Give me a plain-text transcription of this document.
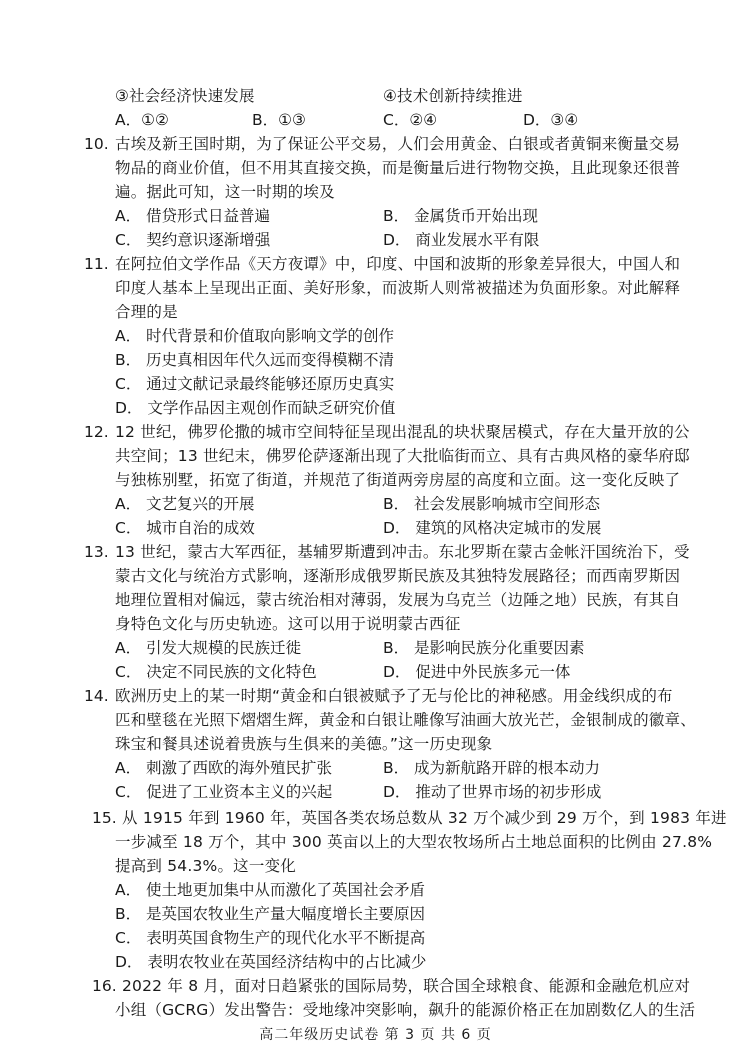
③社会经济快速发展	④技术创新持续推进
A．①②	B．①③	C．②④	D．③④
10. 古埃及新王国时期，为了保证公平交易，人们会用黄金、白银或者黄铜来衡量交易
物品的商业价值，但不用其直接交换，而是衡量后进行物物交换，且此现象还很普
遍。据此可知，这一时期的埃及
A． 借贷形式日益普遍	B． 金属货币开始出现
C． 契约意识逐渐增强	D． 商业发展水平有限
11. 在阿拉伯文学作品《天方夜谭》中，印度、中国和波斯的形象差异很大，中国人和
印度人基本上呈现出正面、美好形象，而波斯人则常被描述为负面形象。对此解释
合理的是
A． 时代背景和价值取向影响文学的创作
B． 历史真相因年代久远而变得模糊不清
C． 通过文献记录最终能够还原历史真实
D． 文学作品因主观创作而缺乏研究价值
12. 12 世纪，佛罗伦撒的城市空间特征呈现出混乱的块状聚居模式，存在大量开放的公
共空间；13 世纪末，佛罗伦萨逐渐出现了大批临街而立、具有古典风格的豪华府邸
与独栋别墅，拓宽了街道，并规范了街道两旁房屋的高度和立面。这一变化反映了
A． 文艺复兴的开展	B． 社会发展影响城市空间形态
C． 城市自治的成效	D． 建筑的风格决定城市的发展
13. 13 世纪，蒙古大军西征，基辅罗斯遭到冲击。东北罗斯在蒙古金帐汗国统治下，受
蒙古文化与统治方式影响，逐渐形成俄罗斯民族及其独特发展路径；而西南罗斯因
地理位置相对偏远，蒙古统治相对薄弱，发展为乌克兰（边陲之地）民族，有其自
身特色文化与历史轨迹。这可以用于说明蒙古西征
A． 引发大规模的民族迁徙	B． 是影响民族分化重要因素
C． 决定不同民族的文化特色	D． 促进中外民族多元一体
14. 欧洲历史上的某一时期“黄金和白银被赋予了无与伦比的神秘感。用金线织成的布
匹和壁毯在光照下熠熠生辉，黄金和白银让雕像写油画大放光芒，金银制成的徽章、
珠宝和餐具述说着贵族与生俱来的美德。”这一历史现象
A． 刺激了西欧的海外殖民扩张	B． 成为新航路开辟的根本动力
C． 促进了工业资本主义的兴起	D． 推动了世界市场的初步形成
15. 从 1915 年到 1960 年，英国各类农场总数从 32 万个减少到 29 万个，到 1983 年进
一步减至 18 万个，其中 300 英亩以上的大型农牧场所占土地总面积的比例由 27.8%
提高到 54.3%。这一变化
A． 使土地更加集中从而激化了英国社会矛盾
B． 是英国农牧业生产量大幅度增长主要原因
C． 表明英国食物生产的现代化水平不断提高
D． 表明农牧业在英国经济结构中的占比减少
16. 2022 年 8 月，面对日趋紧张的国际局势，联合国全球粮食、能源和金融危机应对
小组（GCRG）发出警告：受地缘冲突影响，飙升的能源价格正在加剧数亿人的生活
高二年级历史试卷 第 3 页 共 6 页
